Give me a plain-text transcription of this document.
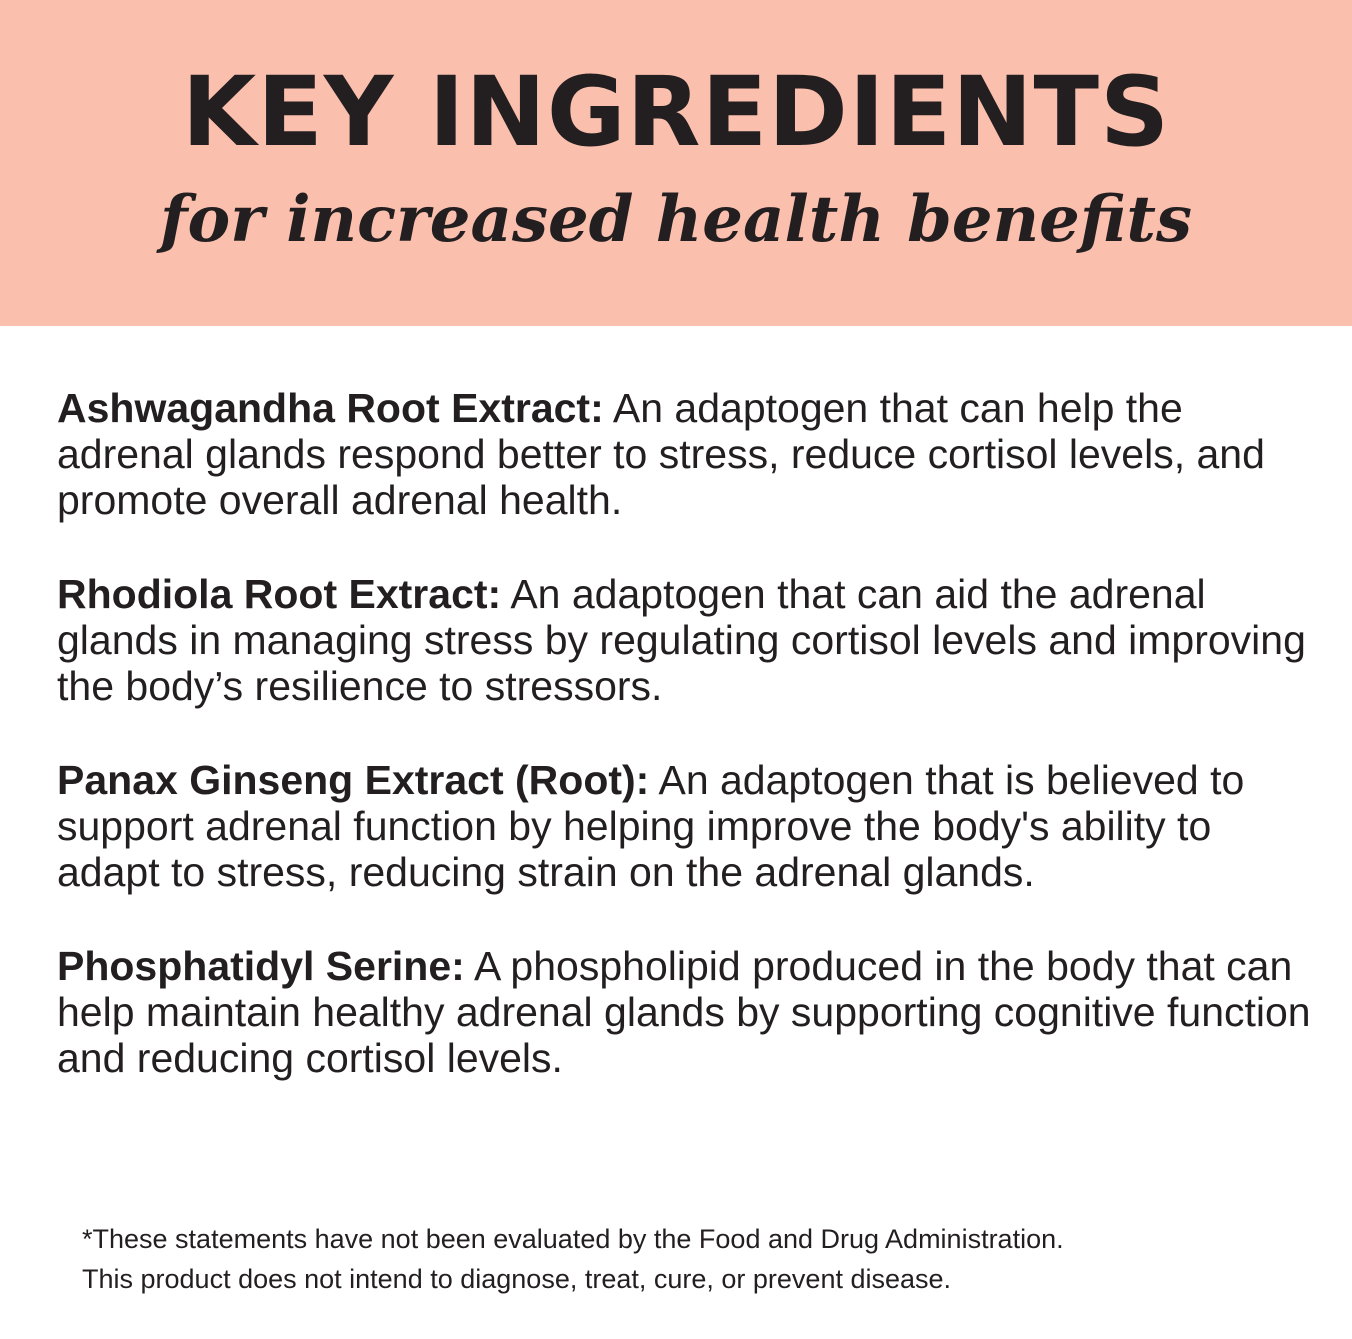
KEY INGREDIENTS
for increased health benefits

Ashwagandha Root Extract: An adaptogen that can help the adrenal glands respond better to stress, reduce cortisol levels, and promote overall adrenal health.

Rhodiola Root Extract: An adaptogen that can aid the adrenal glands in managing stress by regulating cortisol levels and improving the body’s resilience to stressors.

Panax Ginseng Extract (Root): An adaptogen that is believed to support adrenal function by helping improve the body's ability to adapt to stress, reducing strain on the adrenal glands.

Phosphatidyl Serine: A phospholipid produced in the body that can help maintain healthy adrenal glands by supporting cognitive function and reducing cortisol levels.

*These statements have not been evaluated by the Food and Drug Administration.
This product does not intend to diagnose, treat, cure, or prevent disease.
